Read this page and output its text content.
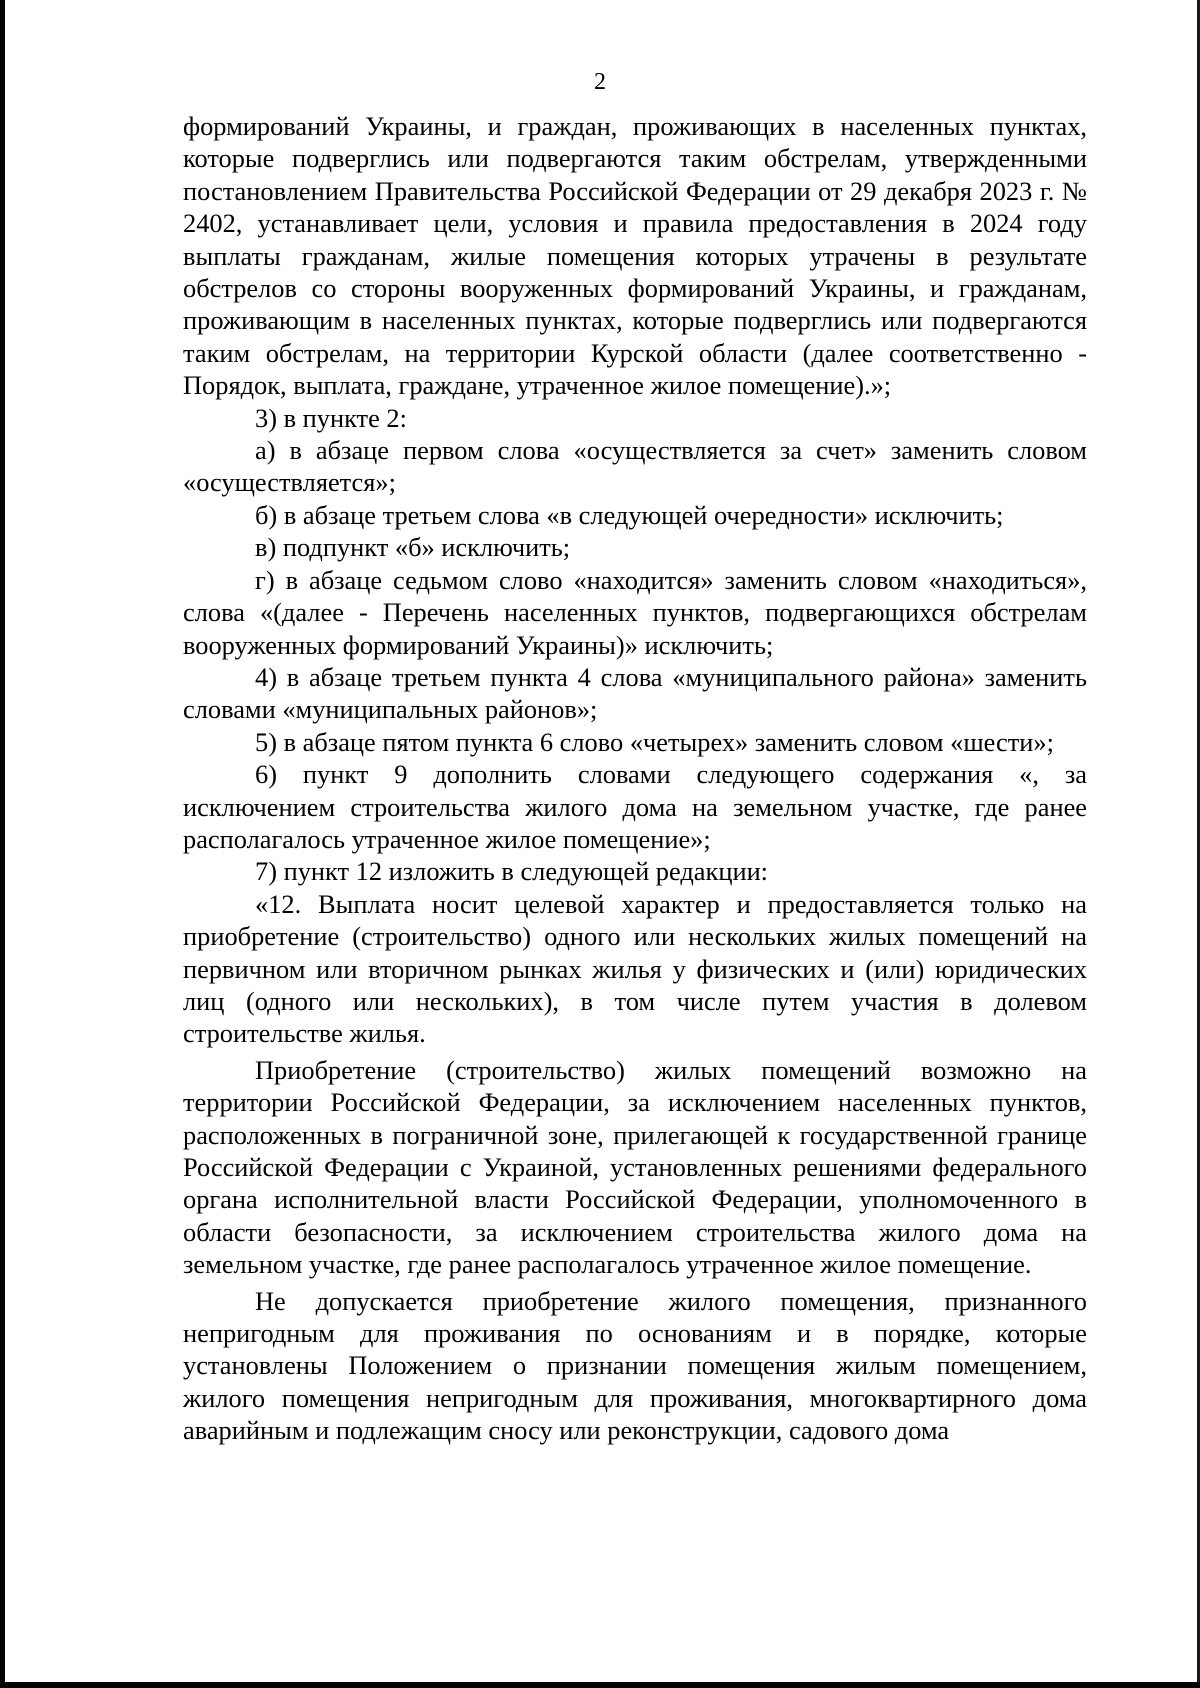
2

формирований Украины, и граждан, проживающих в населенных пунктах, которые подверглись или подвергаются таким обстрелам, утвержденными постановлением Правительства Российской Федерации от 29 декабря 2023 г. № 2402, устанавливает цели, условия и правила предоставления в 2024 году выплаты гражданам, жилые помещения которых утрачены в результате обстрелов со стороны вооруженных формирований Украины, и гражданам, проживающим в населенных пунктах, которые подверглись или подвергаются таким обстрелам, на территории Курской области (далее соответственно - Порядок, выплата, граждане, утраченное жилое помещение).»;

3) в пункте 2:

а) в абзаце первом слова «осуществляется за счет» заменить словом «осуществляется»;

б) в абзаце третьем слова «в следующей очередности» исключить;

в) подпункт «б» исключить;

г) в абзаце седьмом слово «находится» заменить словом «находиться», слова «(далее - Перечень населенных пунктов, подвергающихся обстрелам вооруженных формирований Украины)» исключить;

4) в абзаце третьем пункта 4 слова «муниципального района» заменить словами «муниципальных районов»;

5) в абзаце пятом пункта 6 слово «четырех» заменить словом «шести»;

6) пункт 9 дополнить словами следующего содержания «, за исключением строительства жилого дома на земельном участке, где ранее располагалось утраченное жилое помещение»;

7) пункт 12 изложить в следующей редакции:

«12. Выплата носит целевой характер и предоставляется только на приобретение (строительство) одного или нескольких жилых помещений на первичном или вторичном рынках жилья у физических и (или) юридических лиц (одного или нескольких), в том числе путем участия в долевом строительстве жилья.

Приобретение (строительство) жилых помещений возможно на территории Российской Федерации, за исключением населенных пунктов, расположенных в пограничной зоне, прилегающей к государственной границе Российской Федерации с Украиной, установленных решениями федерального органа исполнительной власти Российской Федерации, уполномоченного в области безопасности, за исключением строительства жилого дома на земельном участке, где ранее располагалось утраченное жилое помещение.

Не допускается приобретение жилого помещения, признанного непригодным для проживания по основаниям и в порядке, которые установлены Положением о признании помещения жилым помещением, жилого помещения непригодным для проживания, многоквартирного дома аварийным и подлежащим сносу или реконструкции, садового дома
